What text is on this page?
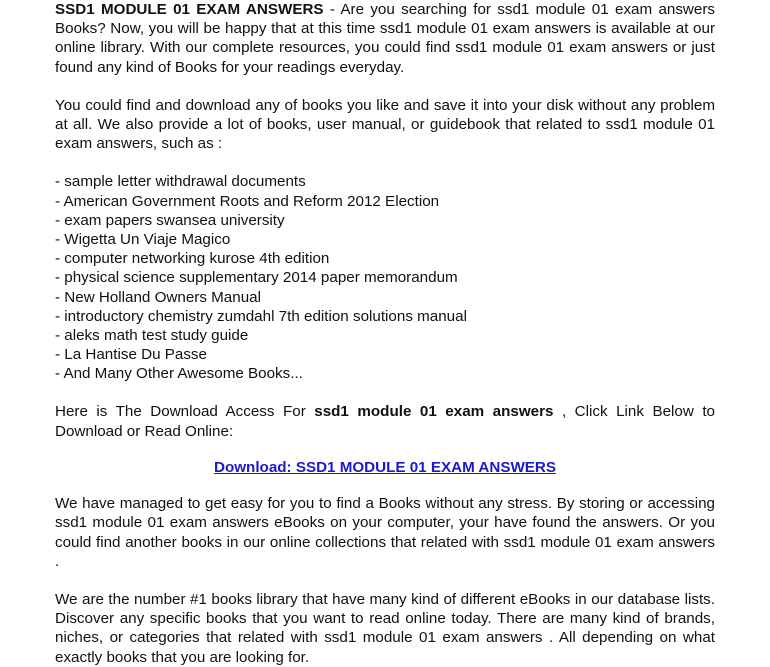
SSD1 MODULE 01 EXAM ANSWERS - Are you searching for ssd1 module 01 exam answers Books? Now, you will be happy that at this time ssd1 module 01 exam answers is available at our online library. With our complete resources, you could find ssd1 module 01 exam answers or just found any kind of Books for your readings everyday.

You could find and download any of books you like and save it into your disk without any problem at all. We also provide a lot of books, user manual, or guidebook that related to ssd1 module 01 exam answers, such as :

- sample letter withdrawal documents
- American Government Roots and Reform 2012 Election
- exam papers swansea university
- Wigetta Un Viaje Magico
- computer networking kurose 4th edition
- physical science supplementary 2014 paper memorandum
- New Holland Owners Manual
- introductory chemistry zumdahl 7th edition solutions manual
- aleks math test study guide
- La Hantise Du Passe
- And Many Other Awesome Books...

Here is The Download Access For ssd1 module 01 exam answers , Click Link Below to Download or Read Online:

Download: SSD1 MODULE 01 EXAM ANSWERS

We have managed to get easy for you to find a Books without any stress. By storing or accessing ssd1 module 01 exam answers eBooks on your computer, your have found the answers. Or you could find another books in our online collections that related with ssd1 module 01 exam answers .

We are the number #1 books library that have many kind of different eBooks in our database lists. Discover any specific books that you want to read online today. There are many kind of brands, niches, or categories that related with ssd1 module 01 exam answers . All depending on what exactly books that you are looking for.
